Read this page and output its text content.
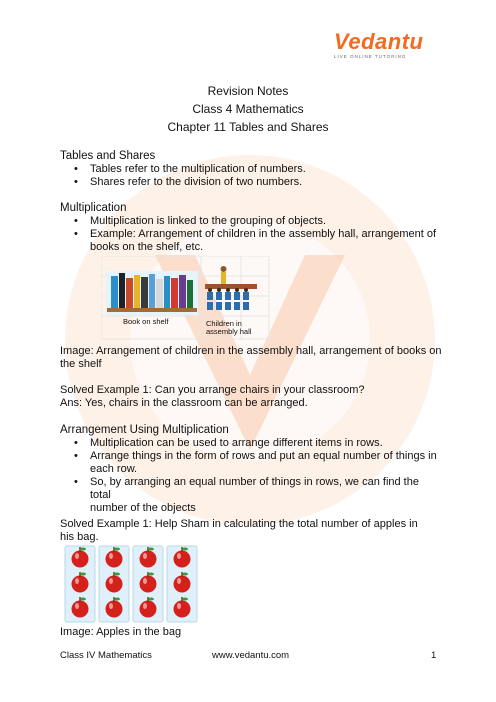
Vedantu
LIVE ONLINE TUTORING
Revision Notes
Class 4 Mathematics
Chapter 11 Tables and Shares
Tables and Shares
• Tables refer to the multiplication of numbers.
• Shares refer to the division of two numbers.
Multiplication
• Multiplication is linked to the grouping of objects.
• Example: Arrangement of children in the assembly hall, arrangement of
books on the shelf, etc.
Book on shelf	Children in
assembly hall
Image: Arrangement of children in the assembly hall, arrangement of books on
the shelf
Solved Example 1: Can you arrange chairs in your classroom?
Ans: Yes, chairs in the classroom can be arranged.
Arrangement Using Multiplication
• Multiplication can be used to arrange different items in rows.
• Arrange things in the form of rows and put an equal number of things in
each row.
• So, by arranging an equal number of things in rows, we can find the total
number of the objects
Solved Example 1: Help Sham in calculating the total number of apples in
his bag.
Image: Apples in the bag
Class IV Mathematics	www.vedantu.com	1
